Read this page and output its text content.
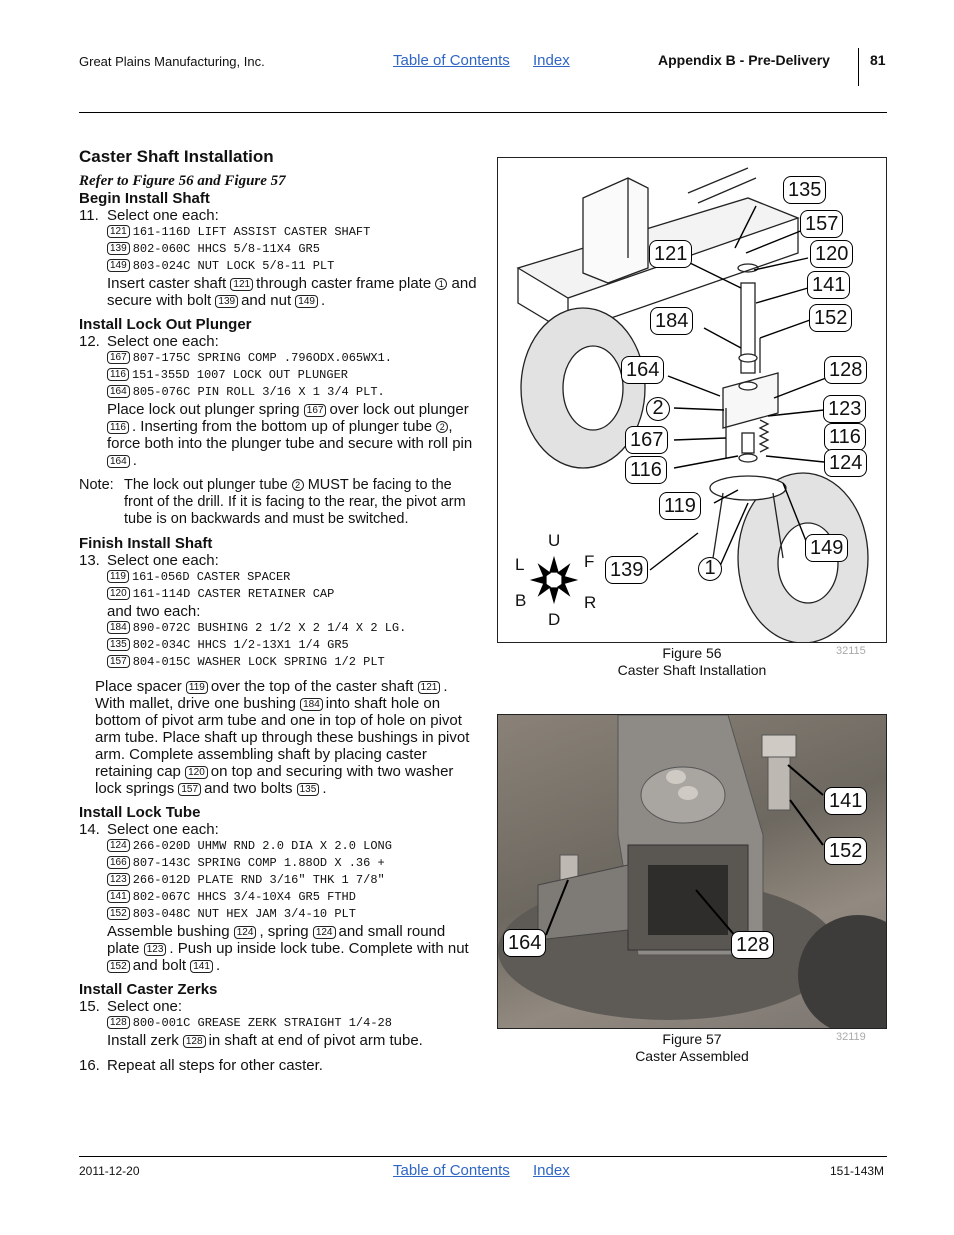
Great Plains Manufacturing, Inc.	Table of Contents Index	Appendix B - Pre-Delivery	81
Caster Shaft Installation
Refer to Figure 56 and Figure 57
Begin Install Shaft
11. Select one each:
121 161-116D LIFT ASSIST CASTER SHAFT
139 802-060C HHCS 5/8-11X4 GR5
149 803-024C NUT LOCK 5/8-11 PLT
Insert caster shaft 121 through caster frame plate 1 and secure with bolt 139 and nut 149 .
Install Lock Out Plunger
12. Select one each:
167 807-175C SPRING COMP .796ODX.065WX1.
116 151-355D 1007 LOCK OUT PLUNGER
164 805-076C PIN ROLL 3/16 X 1 3/4 PLT.
Place lock out plunger spring 167 over lock out plunger 116 . Inserting from the bottom up of plunger tube 2 , force both into the plunger tube and secure with roll pin 164 .
Note: The lock out plunger tube 2 MUST be facing to the front of the drill. If it is facing to the rear, the pivot arm tube is on backwards and must be switched.
Finish Install Shaft
13. Select one each:
119 161-056D CASTER SPACER
120 161-114D CASTER RETAINER CAP
and two each:
184 890-072C BUSHING 2 1/2 X 2 1/4 X 2 LG.
135 802-034C HHCS 1/2-13X1 1/4 GR5
157 804-015C WASHER LOCK SPRING 1/2 PLT
Place spacer 119 over the top of the caster shaft 121 . With mallet, drive one bushing 184 into shaft hole on bottom of pivot arm tube and one in top of hole on pivot arm tube. Place shaft up through these bushings in pivot arm. Complete assembling shaft by placing caster retaining cap 120 on top and securing with two washer lock springs 157 and two bolts 135 .
Install Lock Tube
14. Select one each:
124 266-020D UHMW RND 2.0 DIA X 2.0 LONG
166 807-143C SPRING COMP 1.88OD X .36 +
123 266-012D PLATE RND 3/16" THK 1 7/8"
141 802-067C HHCS 3/4-10X4 GR5 FTHD
152 803-048C NUT HEX JAM 3/4-10 PLT
Assemble bushing 124 , spring 124 and small round plate 123 . Push up inside lock tube. Complete with nut 152 and bolt 141 .
Install Caster Zerks
15. Select one:
128 800-001C GREASE ZERK STRAIGHT 1/4-28
Install zerk 128 in shaft at end of pivot arm tube.
16. Repeat all steps for other caster.
135
157
121	120
141
184	152
164	128
2	123
167	116
116	124
119
149
139	1
U
D
L	F
B	R
Figure 56
Caster Shaft Installation
32115
141
152
164	128
Figure 57
Caster Assembled
32119
2011-12-20	Table of Contents Index	151-143M
